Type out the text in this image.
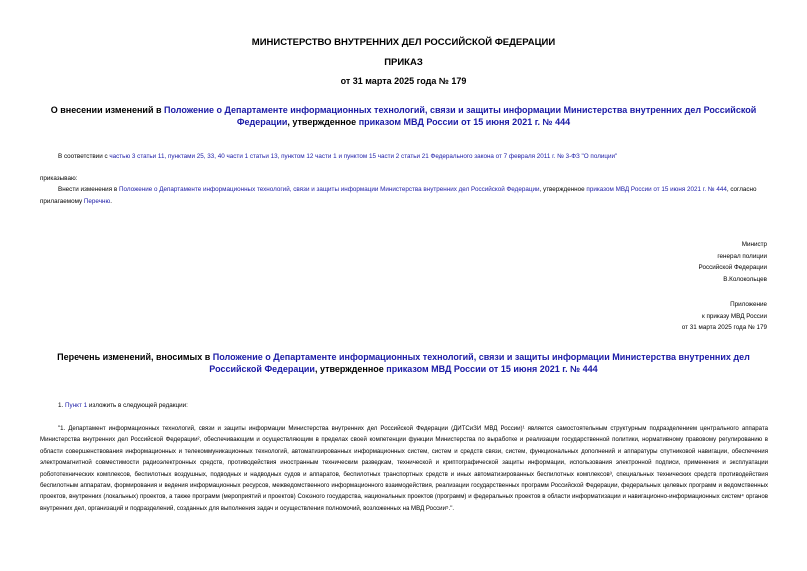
МИНИСТЕРСТВО ВНУТРЕННИХ ДЕЛ РОССИЙСКОЙ ФЕДЕРАЦИИ
ПРИКАЗ
от 31 марта 2025 года № 179
О внесении изменений в Положение о Департаменте информационных технологий, связи и защиты информации Министерства внутренних дел Российской Федерации, утвержденное приказом МВД России от 15 июня 2021 г. № 444
В соответствии с частью 3 статьи 11, пунктами 25, 33, 40 части 1 статьи 13, пунктом 12 части 1 и пунктом 15 части 2 статьи 21 Федерального закона от 7 февраля 2011 г. № 3-ФЗ "О полиции"
приказываю:
Внести изменения в Положение о Департаменте информационных технологий, связи и защиты информации Министерства внутренних дел Российской Федерации, утвержденное приказом МВД России от 15 июня 2021 г. № 444, согласно прилагаемому Перечню.
Министр
генерал полиции
Российской Федерации
В.Колокольцев
Приложение
к приказу МВД России
от 31 марта 2025 года № 179
Перечень изменений, вносимых в Положение о Департаменте информационных технологий, связи и защиты информации Министерства внутренних дел Российской Федерации, утвержденное приказом МВД России от 15 июня 2021 г. № 444
1. Пункт 1 изложить в следующей редакции:
"1. Департамент информационных технологий, связи и защиты информации Министерства внутренних дел Российской Федерации (ДИТСиЗИ МВД России)¹ является самостоятельным структурным подразделением центрального аппарата Министерства внутренних дел Российской Федерации², обеспечивающим и осуществляющим в пределах своей компетенции функции Министерства по выработке и реализации государственной политики, нормативному правовому регулированию в области совершенствования информационных и телекоммуникационных технологий, автоматизированных информационных систем, систем и средств связи, систем, функциональных дополнений и аппаратуры спутниковой навигации, обеспечения электромагнитной совместимости радиоэлектронных средств, противодействия иностранным техническим разведкам, технической и криптографической защиты информации, использования электронной подписи, применения и эксплуатации робототехнических комплексов, беспилотных воздушных, подводных и надводных судов и аппаратов, беспилотных транспортных средств и иных автоматизированных беспилотных комплексов³, специальных технических средств противодействия беспилотным аппаратам, формирования и ведения информационных ресурсов, межведомственного информационного взаимодействия, реализации государственных программ Российской Федерации, федеральных целевых программ и ведомственных проектов, внутренних (локальных) проектов, а также программ (мероприятий и проектов) Союзного государства, национальных проектов (программ) и федеральных проектов в области информатизации и навигационно-информационных систем⁴ органов внутренних дел, организаций и подразделений, созданных для выполнения задач и осуществления полномочий, возложенных на МВД России⁵.".
